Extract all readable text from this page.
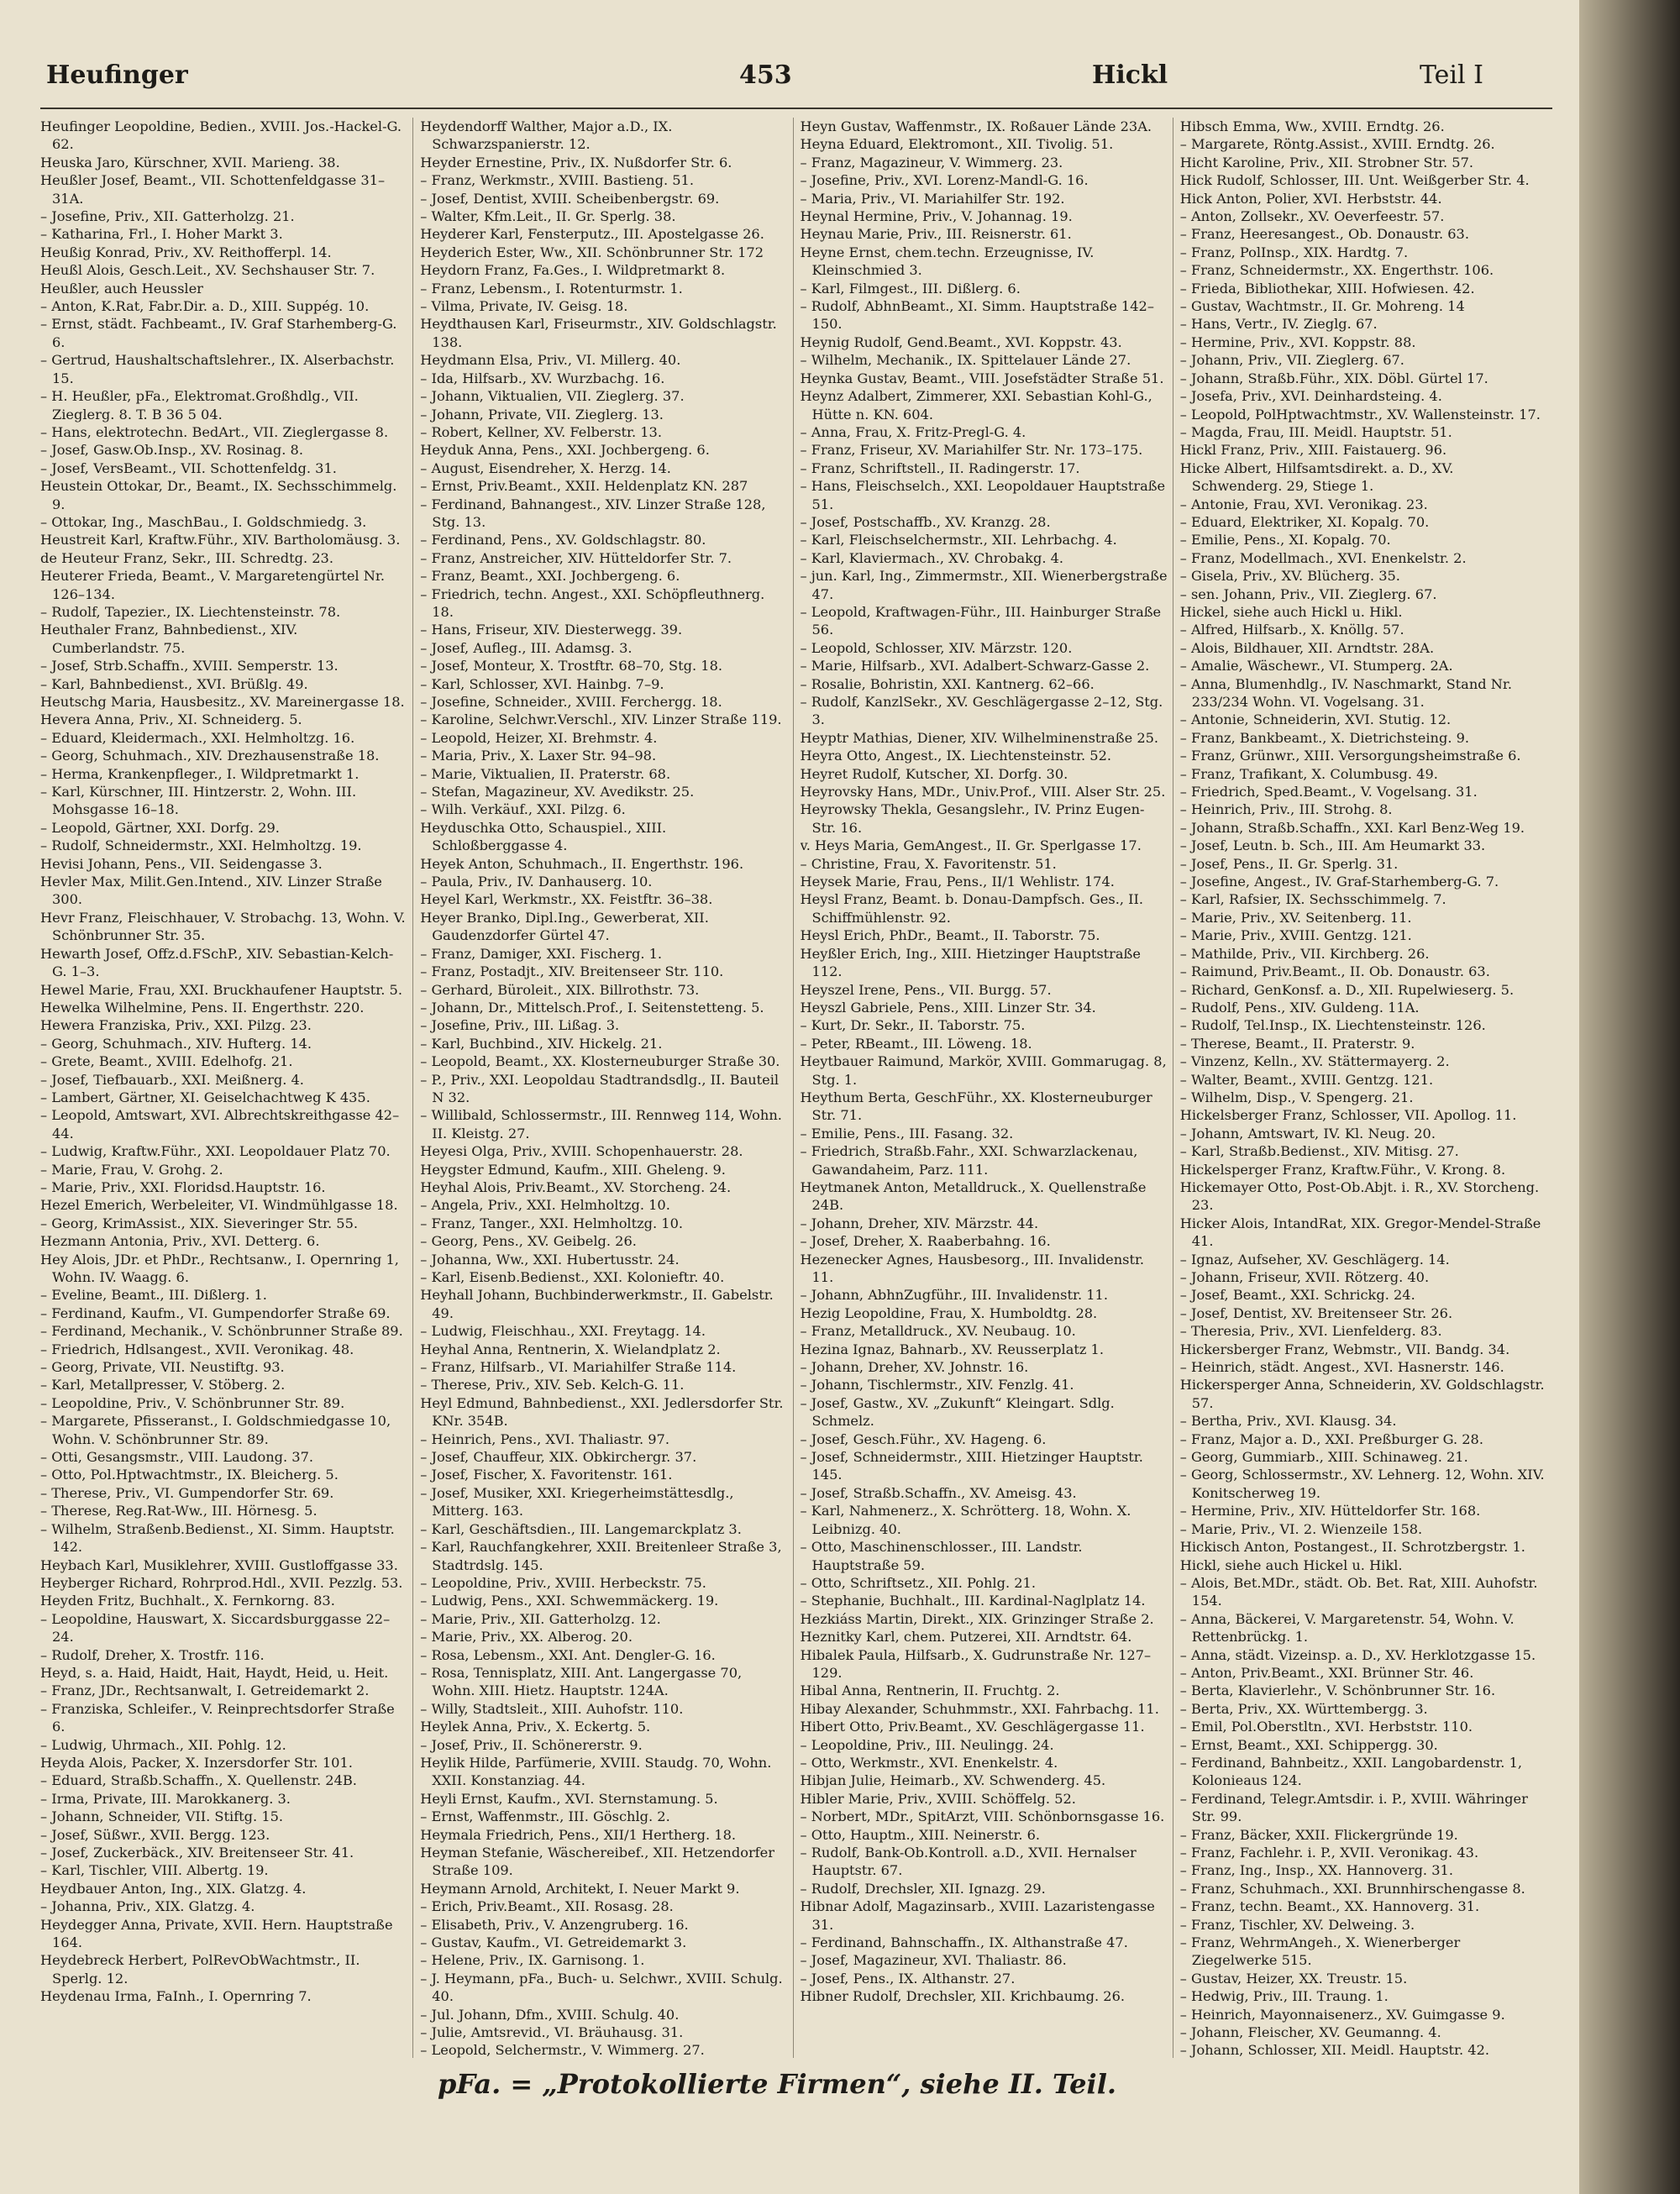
Heufinger	453	Hickl	Teil I

Heufinger Leopoldine, Bedien., XVIII. Jos.-Hackel-G. 62.

Heuska Jaro, Kürschner, XVII. Marieng. 38.

Heußler Josef, Beamt., VII. Schottenfeldgasse 31–31A.

– Josefine, Priv., XII. Gatterholzg. 21.

– Katharina, Frl., I. Hoher Markt 3.

Heußig Konrad, Priv., XV. Reithofferpl. 14.

Heußl Alois, Gesch.Leit., XV. Sechshauser Str. 7.

Heußler, auch Heussler

– Anton, K.Rat, Fabr.Dir. a. D., XIII. Suppég. 10.

– Ernst, städt. Fachbeamt., IV. Graf Starhemberg-G. 6.

– Gertrud, Haushaltschaftslehrer., IX. Alserbachstr. 15.

– H. Heußler, pFa., Elektromat.Großhdlg., VII. Zieglerg. 8. T. B 36 5 04.

– Hans, elektrotechn. BedArt., VII. Zieglergasse 8.

– Josef, Gasw.Ob.Insp., XV. Rosinag. 8.

– Josef, VersBeamt., VII. Schottenfeldg. 31.

Heustein Ottokar, Dr., Beamt., IX. Sechsschimmelg. 9.

– Ottokar, Ing., MaschBau., I. Goldschmiedg. 3.

Heustreit Karl, Kraftw.Führ., XIV. Bartholomäusg. 3.

de Heuteur Franz, Sekr., III. Schredtg. 23.

Heuterer Frieda, Beamt., V. Margaretengürtel Nr. 126–134.

– Rudolf, Tapezier., IX. Liechtensteinstr. 78.

Heuthaler Franz, Bahnbedienst., XIV. Cumberlandstr. 75.

– Josef, Strb.Schaffn., XVIII. Semperstr. 13.

– Karl, Bahnbedienst., XVI. Brüßlg. 49.

Heutschg Maria, Hausbesitz., XV. Mareinergasse 18.

Hevera Anna, Priv., XI. Schneiderg. 5.

– Eduard, Kleidermach., XXI. Helmholtzg. 16.

– Georg, Schuhmach., XIV. Drezhausenstraße 18.

– Herma, Krankenpfleger., I. Wildpretmarkt 1.

– Karl, Kürschner, III. Hintzerstr. 2, Wohn. III. Mohsgasse 16–18.

– Leopold, Gärtner, XXI. Dorfg. 29.

– Rudolf, Schneidermstr., XXI. Helmholtzg. 19.

Hevisi Johann, Pens., VII. Seidengasse 3.

Hevler Max, Milit.Gen.Intend., XIV. Linzer Straße 300.

Hevr Franz, Fleischhauer, V. Strobachg. 13, Wohn. V. Schönbrunner Str. 35.

Hewarth Josef, Offz.d.FSchP., XIV. Sebastian-Kelch-G. 1–3.

Hewel Marie, Frau, XXI. Bruckhaufener Hauptstr. 5.

Hewelka Wilhelmine, Pens. II. Engerthstr. 220.

Hewera Franziska, Priv., XXI. Pilzg. 23.

– Georg, Schuhmach., XIV. Hufterg. 14.

– Grete, Beamt., XVIII. Edelhofg. 21.

– Josef, Tiefbauarb., XXI. Meißnerg. 4.

– Lambert, Gärtner, XI. Geiselchachtweg K 435.

– Leopold, Amtswart, XVI. Albrechtskreithgasse 42–44.

– Ludwig, Kraftw.Führ., XXI. Leopoldauer Platz 70.

– Marie, Frau, V. Grohg. 2.

– Marie, Priv., XXI. Floridsd.Hauptstr. 16.

Hezel Emerich, Werbeleiter, VI. Windmühlgasse 18.

– Georg, KrimAssist., XIX. Sieveringer Str. 55.

Hezmann Antonia, Priv., XVI. Detterg. 6.

Hey Alois, JDr. et PhDr., Rechtsanw., I. Opernring 1, Wohn. IV. Waagg. 6.

– Eveline, Beamt., III. Dißlerg. 1.

– Ferdinand, Kaufm., VI. Gumpendorfer Straße 69.

– Ferdinand, Mechanik., V. Schönbrunner Straße 89.

– Friedrich, Hdlsangest., XVII. Veronikag. 48.

– Georg, Private, VII. Neustiftg. 93.

– Karl, Metallpresser, V. Stöberg. 2.

– Leopoldine, Priv., V. Schönbrunner Str. 89.

– Margarete, Pfisseranst., I. Goldschmiedgasse 10, Wohn. V. Schönbrunner Str. 89.

– Otti, Gesangsmstr., VIII. Laudong. 37.

– Otto, Pol.Hptwachtmstr., IX. Bleicherg. 5.

– Therese, Priv., VI. Gumpendorfer Str. 69.

– Therese, Reg.Rat-Ww., III. Hörnesg. 5.

– Wilhelm, Straßenb.Bedienst., XI. Simm. Hauptstr. 142.

Heybach Karl, Musiklehrer, XVIII. Gustloffgasse 33.

Heyberger Richard, Rohrprod.Hdl., XVII. Pezzlg. 53.

Heyden Fritz, Buchhalt., X. Fernkorng. 83.

– Leopoldine, Hauswart, X. Siccardsburggasse 22–24.

– Rudolf, Dreher, X. Trostfr. 116.

Heyd, s. a. Haid, Haidt, Hait, Haydt, Heid, u. Heit.

– Franz, JDr., Rechtsanwalt, I. Getreidemarkt 2.

– Franziska, Schleifer., V. Reinprechtsdorfer Straße 6.

– Ludwig, Uhrmach., XII. Pohlg. 12.

Heyda Alois, Packer, X. Inzersdorfer Str. 101.

– Eduard, Straßb.Schaffn., X. Quellenstr. 24B.

– Irma, Private, III. Marokkanerg. 3.

– Johann, Schneider, VII. Stiftg. 15.

– Josef, Süßwr., XVII. Bergg. 123.

– Josef, Zuckerbäck., XIV. Breitenseer Str. 41.

– Karl, Tischler, VIII. Albertg. 19.

Heydbauer Anton, Ing., XIX. Glatzg. 4.

– Johanna, Priv., XIX. Glatzg. 4.

Heydegger Anna, Private, XVII. Hern. Hauptstraße 164.

Heydebreck Herbert, PolRevObWachtmstr., II. Sperlg. 12.

Heydenau Irma, FaInh., I. Opernring 7.

Heydendorff Walther, Major a.D., IX. Schwarzspanierstr. 12.

Heyder Ernestine, Priv., IX. Nußdorfer Str. 6.

– Franz, Werkmstr., XVIII. Bastieng. 51.

– Josef, Dentist, XVIII. Scheibenbergstr. 69.

– Walter, Kfm.Leit., II. Gr. Sperlg. 38.

Heyderer Karl, Fensterputz., III. Apostelgasse 26.

Heyderich Ester, Ww., XII. Schönbrunner Str. 172

Heydorn Franz, Fa.Ges., I. Wildpretmarkt 8.

– Franz, Lebensm., I. Rotenturmstr. 1.

– Vilma, Private, IV. Geisg. 18.

Heydthausen Karl, Friseurmstr., XIV. Goldschlagstr. 138.

Heydmann Elsa, Priv., VI. Millerg. 40.

– Ida, Hilfsarb., XV. Wurzbachg. 16.

– Johann, Viktualien, VII. Zieglerg. 37.

– Johann, Private, VII. Zieglerg. 13.

– Robert, Kellner, XV. Felberstr. 13.

Heyduk Anna, Pens., XXI. Jochbergeng. 6.

– August, Eisendreher, X. Herzg. 14.

– Ernst, Priv.Beamt., XXII. Heldenplatz KN. 287

– Ferdinand, Bahnangest., XIV. Linzer Straße 128, Stg. 13.

– Ferdinand, Pens., XV. Goldschlagstr. 80.

– Franz, Anstreicher, XIV. Hütteldorfer Str. 7.

– Franz, Beamt., XXI. Jochbergeng. 6.

– Friedrich, techn. Angest., XXI. Schöpfleuthnerg. 18.

– Hans, Friseur, XIV. Diesterwegg. 39.

– Josef, Aufleg., III. Adamsg. 3.

– Josef, Monteur, X. Trostftr. 68–70, Stg. 18.

– Karl, Schlosser, XVI. Hainbg. 7–9.

– Josefine, Schneider., XVIII. Ferchergg. 18.

– Karoline, Selchwr.Verschl., XIV. Linzer Straße 119.

– Leopold, Heizer, XI. Brehmstr. 4.

– Maria, Priv., X. Laxer Str. 94–98.

– Marie, Viktualien, II. Praterstr. 68.

– Stefan, Magazineur, XV. Avedikstr. 25.

– Wilh. Verkäuf., XXI. Pilzg. 6.

Heyduschka Otto, Schauspiel., XIII. Schloßberggasse 4.

Heyek Anton, Schuhmach., II. Engerthstr. 196.

– Paula, Priv., IV. Danhauserg. 10.

Heyel Karl, Werkmstr., XX. Feistftr. 36–38.

Heyer Branko, Dipl.Ing., Gewerberat, XII. Gaudenzdorfer Gürtel 47.

– Franz, Damiger, XXI. Fischerg. 1.

– Franz, Postadjt., XIV. Breitenseer Str. 110.

– Gerhard, Büroleit., XIX. Billrothstr. 73.

– Johann, Dr., Mittelsch.Prof., I. Seitenstetteng. 5.

– Josefine, Priv., III. Lißag. 3.

– Karl, Buchbind., XIV. Hickelg. 21.

– Leopold, Beamt., XX. Klosterneuburger Straße 30.

– P., Priv., XXI. Leopoldau Stadtrandsdlg., II. Bauteil N 32.

– Willibald, Schlossermstr., III. Rennweg 114, Wohn. II. Kleistg. 27.

Heyesi Olga, Priv., XVIII. Schopenhauerstr. 28.

Heygster Edmund, Kaufm., XIII. Gheleng. 9.

Heyhal Alois, Priv.Beamt., XV. Storcheng. 24.

– Angela, Priv., XXI. Helmholtzg. 10.

– Franz, Tanger., XXI. Helmholtzg. 10.

– Georg, Pens., XV. Geibelg. 26.

– Johanna, Ww., XXI. Hubertusstr. 24.

– Karl, Eisenb.Bedienst., XXI. Kolonieftr. 40.

Heyhall Johann, Buchbinderwerkmstr., II. Gabelstr. 49.

– Ludwig, Fleischhau., XXI. Freytagg. 14.

Heyhal Anna, Rentnerin, X. Wielandplatz 2.

– Franz, Hilfsarb., VI. Mariahilfer Straße 114.

– Therese, Priv., XIV. Seb. Kelch-G. 11.

Heyl Edmund, Bahnbedienst., XXI. Jedlersdorfer Str. KNr. 354B.

– Heinrich, Pens., XVI. Thaliastr. 97.

– Josef, Chauffeur, XIX. Obkirchergr. 37.

– Josef, Fischer, X. Favoritenstr. 161.

– Josef, Musiker, XXI. Kriegerheimstättesdlg., Mitterg. 163.

– Karl, Geschäftsdien., III. Langemarckplatz 3.

– Karl, Rauchfangkehrer, XXII. Breitenleer Straße 3, Stadtrdslg. 145.

– Leopoldine, Priv., XVIII. Herbeckstr. 75.

– Ludwig, Pens., XXI. Schwemmäckerg. 19.

– Marie, Priv., XII. Gatterholzg. 12.

– Marie, Priv., XX. Alberog. 20.

– Rosa, Lebensm., XXI. Ant. Dengler-G. 16.

– Rosa, Tennisplatz, XIII. Ant. Langergasse 70, Wohn. XIII. Hietz. Hauptstr. 124A.

– Willy, Stadtsleit., XIII. Auhofstr. 110.

Heylek Anna, Priv., X. Eckertg. 5.

– Josef, Priv., II. Schönererstr. 9.

Heylik Hilde, Parfümerie, XVIII. Staudg. 70, Wohn. XXII. Konstanziag. 44.

Heyli Ernst, Kaufm., XVI. Sternstamung. 5.

– Ernst, Waffenmstr., III. Göschlg. 2.

Heymala Friedrich, Pens., XII/1 Hertherg. 18.

Heyman Stefanie, Wäschereibef., XII. Hetzendorfer Straße 109.

Heymann Arnold, Architekt, I. Neuer Markt 9.

– Erich, Priv.Beamt., XII. Rosasg. 28.

– Elisabeth, Priv., V. Anzengruberg. 16.

– Gustav, Kaufm., VI. Getreidemarkt 3.

– Helene, Priv., IX. Garnisong. 1.

– J. Heymann, pFa., Buch- u. Selchwr., XVIII. Schulg. 40.

– Jul. Johann, Dfm., XVIII. Schulg. 40.

– Julie, Amtsrevid., VI. Bräuhausg. 31.

– Leopold, Selchermstr., V. Wimmerg. 27.

Heyn Gustav, Waffenmstr., IX. Roßauer Lände 23A.

Heyna Eduard, Elektromont., XII. Tivolig. 51.

– Franz, Magazineur, V. Wimmerg. 23.

– Josefine, Priv., XVI. Lorenz-Mandl-G. 16.

– Maria, Priv., VI. Mariahilfer Str. 192.

Heynal Hermine, Priv., V. Johannag. 19.

Heynau Marie, Priv., III. Reisnerstr. 61.

Heyne Ernst, chem.techn. Erzeugnisse, IV. Kleinschmied 3.

– Karl, Filmgest., III. Dißlerg. 6.

– Rudolf, AbhnBeamt., XI. Simm. Hauptstraße 142–150.

Heynig Rudolf, Gend.Beamt., XVI. Koppstr. 43.

– Wilhelm, Mechanik., IX. Spittelauer Lände 27.

Heynka Gustav, Beamt., VIII. Josefstädter Straße 51.

Heynz Adalbert, Zimmerer, XXI. Sebastian Kohl-G., Hütte n. KN. 604.

– Anna, Frau, X. Fritz-Pregl-G. 4.

– Franz, Friseur, XV. Mariahilfer Str. Nr. 173–175.

– Franz, Schriftstell., II. Radingerstr. 17.

– Hans, Fleischselch., XXI. Leopoldauer Hauptstraße 51.

– Josef, Postschaffb., XV. Kranzg. 28.

– Karl, Fleischselchermstr., XII. Lehrbachg. 4.

– Karl, Klaviermach., XV. Chrobakg. 4.

– jun. Karl, Ing., Zimmermstr., XII. Wienerbergstraße 47.

– Leopold, Kraftwagen-Führ., III. Hainburger Straße 56.

– Leopold, Schlosser, XIV. Märzstr. 120.

– Marie, Hilfsarb., XVI. Adalbert-Schwarz-Gasse 2.

– Rosalie, Bohristin, XXI. Kantnerg. 62–66.

– Rudolf, KanzlSekr., XV. Geschlägergasse 2–12, Stg. 3.

Heyptr Mathias, Diener, XIV. Wilhelminenstraße 25.

Heyra Otto, Angest., IX. Liechtensteinstr. 52.

Heyret Rudolf, Kutscher, XI. Dorfg. 30.

Heyrovsky Hans, MDr., Univ.Prof., VIII. Alser Str. 25.

Heyrowsky Thekla, Gesangslehr., IV. Prinz Eugen-Str. 16.

v. Heys Maria, GemAngest., II. Gr. Sperlgasse 17.

– Christine, Frau, X. Favoritenstr. 51.

Heysek Marie, Frau, Pens., II/1 Wehlistr. 174.

Heysl Franz, Beamt. b. Donau-Dampfsch. Ges., II. Schiffmühlenstr. 92.

Heysl Erich, PhDr., Beamt., II. Taborstr. 75.

Heyßler Erich, Ing., XIII. Hietzinger Hauptstraße 112.

Heyszel Irene, Pens., VII. Burgg. 57.

Heyszl Gabriele, Pens., XIII. Linzer Str. 34.

– Kurt, Dr. Sekr., II. Taborstr. 75.

– Peter, RBeamt., III. Löweng. 18.

Heytbauer Raimund, Markör, XVIII. Gommarugag. 8, Stg. 1.

Heythum Berta, GeschFühr., XX. Klosterneuburger Str. 71.

– Emilie, Pens., III. Fasang. 32.

– Friedrich, Straßb.Fahr., XXI. Schwarzlackenau, Gawandaheim, Parz. 111.

Heytmanek Anton, Metalldruck., X. Quellenstraße 24B.

– Johann, Dreher, XIV. Märzstr. 44.

– Josef, Dreher, X. Raaberbahng. 16.

Hezenecker Agnes, Hausbesorg., III. Invalidenstr. 11.

– Johann, AbhnZugführ., III. Invalidenstr. 11.

Hezig Leopoldine, Frau, X. Humboldtg. 28.

– Franz, Metalldruck., XV. Neubaug. 10.

Hezina Ignaz, Bahnarb., XV. Reusserplatz 1.

– Johann, Dreher, XV. Johnstr. 16.

– Johann, Tischlermstr., XIV. Fenzlg. 41.

– Josef, Gastw., XV. „Zukunft“ Kleingart. Sdlg. Schmelz.

– Josef, Gesch.Führ., XV. Hageng. 6.

– Josef, Schneidermstr., XIII. Hietzinger Hauptstr. 145.

– Josef, Straßb.Schaffn., XV. Ameisg. 43.

– Karl, Nahmenerz., X. Schrötterg. 18, Wohn. X. Leibnizg. 40.

– Otto, Maschinenschlosser., III. Landstr. Hauptstraße 59.

– Otto, Schriftsetz., XII. Pohlg. 21.

– Stephanie, Buchhalt., III. Kardinal-Naglplatz 14.

Hezkiáss Martin, Direkt., XIX. Grinzinger Straße 2.

Heznitky Karl, chem. Putzerei, XII. Arndtstr. 64.

Hibalek Paula, Hilfsarb., X. Gudrunstraße Nr. 127–129.

Hibal Anna, Rentnerin, II. Fruchtg. 2.

Hibay Alexander, Schuhmmstr., XXI. Fahrbachg. 11.

Hibert Otto, Priv.Beamt., XV. Geschlägergasse 11.

– Leopoldine, Priv., III. Neulingg. 24.

– Otto, Werkmstr., XVI. Enenkelstr. 4.

Hibjan Julie, Heimarb., XV. Schwenderg. 45.

Hibler Marie, Priv., XVIII. Schöffelg. 52.

– Norbert, MDr., SpitArzt, VIII. Schönbornsgasse 16.

– Otto, Hauptm., XIII. Neinerstr. 6.

– Rudolf, Bank-Ob.Kontroll. a.D., XVII. Hernalser Hauptstr. 67.

– Rudolf, Drechsler, XII. Ignazg. 29.

Hibnar Adolf, Magazinsarb., XVIII. Lazaristengasse 31.

– Ferdinand, Bahnschaffn., IX. Althanstraße 47.

– Josef, Magazineur, XVI. Thaliastr. 86.

– Josef, Pens., IX. Althanstr. 27.

Hibner Rudolf, Drechsler, XII. Krichbaumg. 26.

Hibsch Emma, Ww., XVIII. Erndtg. 26.

– Margarete, Röntg.Assist., XVIII. Erndtg. 26.

Hicht Karoline, Priv., XII. Strobner Str. 57.

Hick Rudolf, Schlosser, III. Unt. Weißgerber Str. 4.

Hick Anton, Polier, XVI. Herbststr. 44.

– Anton, Zollsekr., XV. Oeverfeestr. 57.

– Franz, Heeresangest., Ob. Donaustr. 63.

– Franz, PolInsp., XIX. Hardtg. 7.

– Franz, Schneidermstr., XX. Engerthstr. 106.

– Frieda, Bibliothekar, XIII. Hofwiesen. 42.

– Gustav, Wachtmstr., II. Gr. Mohreng. 14

– Hans, Vertr., IV. Zieglg. 67.

– Hermine, Priv., XVI. Koppstr. 88.

– Johann, Priv., VII. Zieglerg. 67.

– Johann, Straßb.Führ., XIX. Döbl. Gürtel 17.

– Josefa, Priv., XVI. Deinhardsteing. 4.

– Leopold, PolHptwachtmstr., XV. Wallensteinstr. 17.

– Magda, Frau, III. Meidl. Hauptstr. 51.

Hickl Franz, Priv., XIII. Faistauerg. 96.

Hicke Albert, Hilfsamtsdirekt. a. D., XV. Schwenderg. 29, Stiege 1.

– Antonie, Frau, XVI. Veronikag. 23.

– Eduard, Elektriker, XI. Kopalg. 70.

– Emilie, Pens., XI. Kopalg. 70.

– Franz, Modellmach., XVI. Enenkelstr. 2.

– Gisela, Priv., XV. Blücherg. 35.

– sen. Johann, Priv., VII. Zieglerg. 67.

Hickel, siehe auch Hickl u. Hikl.

– Alfred, Hilfsarb., X. Knöllg. 57.

– Alois, Bildhauer, XII. Arndtstr. 28A.

– Amalie, Wäschewr., VI. Stumperg. 2A.

– Anna, Blumenhdlg., IV. Naschmarkt, Stand Nr. 233/234 Wohn. VI. Vogelsang. 31.

– Antonie, Schneiderin, XVI. Stutig. 12.

– Franz, Bankbeamt., X. Dietrichsteing. 9.

– Franz, Grünwr., XIII. Versorgungsheimstraße 6.

– Franz, Trafikant, X. Columbusg. 49.

– Friedrich, Sped.Beamt., V. Vogelsang. 31.

– Heinrich, Priv., III. Strohg. 8.

– Johann, Straßb.Schaffn., XXI. Karl Benz-Weg 19.

– Josef, Leutn. b. Sch., III. Am Heumarkt 33.

– Josef, Pens., II. Gr. Sperlg. 31.

– Josefine, Angest., IV. Graf-Starhemberg-G. 7.

– Karl, Rafsier, IX. Sechsschimmelg. 7.

– Marie, Priv., XV. Seitenberg. 11.

– Marie, Priv., XVIII. Gentzg. 121.

– Mathilde, Priv., VII. Kirchberg. 26.

– Raimund, Priv.Beamt., II. Ob. Donaustr. 63.

– Richard, GenKonsf. a. D., XII. Rupelwieserg. 5.

– Rudolf, Pens., XIV. Guldeng. 11A.

– Rudolf, Tel.Insp., IX. Liechtensteinstr. 126.

– Therese, Beamt., II. Praterstr. 9.

– Vinzenz, Kelln., XV. Stättermayerg. 2.

– Walter, Beamt., XVIII. Gentzg. 121.

– Wilhelm, Disp., V. Spengerg. 21.

Hickelsberger Franz, Schlosser, VII. Apollog. 11.

– Johann, Amtswart, IV. Kl. Neug. 20.

– Karl, Straßb.Bedienst., XIV. Mitisg. 27.

Hickelsperger Franz, Kraftw.Führ., V. Krong. 8.

Hickemayer Otto, Post-Ob.Abjt. i. R., XV. Storcheng. 23.

Hicker Alois, IntandRat, XIX. Gregor-Mendel-Straße 41.

– Ignaz, Aufseher, XV. Geschlägerg. 14.

– Johann, Friseur, XVII. Rötzerg. 40.

– Josef, Beamt., XXI. Schrickg. 24.

– Josef, Dentist, XV. Breitenseer Str. 26.

– Theresia, Priv., XVI. Lienfelderg. 83.

Hickersberger Franz, Webmstr., VII. Bandg. 34.

– Heinrich, städt. Angest., XVI. Hasnerstr. 146.

Hickersperger Anna, Schneiderin, XV. Goldschlagstr. 57.

– Bertha, Priv., XVI. Klausg. 34.

– Franz, Major a. D., XXI. Preßburger G. 28.

– Georg, Gummiarb., XIII. Schinaweg. 21.

– Georg, Schlossermstr., XV. Lehnerg. 12, Wohn. XIV. Konitscherweg 19.

– Hermine, Priv., XIV. Hütteldorfer Str. 168.

– Marie, Priv., VI. 2. Wienzeile 158.

Hickisch Anton, Postangest., II. Schrotzbergstr. 1.

Hickl, siehe auch Hickel u. Hikl.

– Alois, Bet.MDr., städt. Ob. Bet. Rat, XIII. Auhofstr. 154.

– Anna, Bäckerei, V. Margaretenstr. 54, Wohn. V. Rettenbrückg. 1.

– Anna, städt. Vizeinsp. a. D., XV. Herklotzgasse 15.

– Anton, Priv.Beamt., XXI. Brünner Str. 46.

– Berta, Klavierlehr., V. Schönbrunner Str. 16.

– Berta, Priv., XX. Württembergg. 3.

– Emil, Pol.Oberstltn., XVI. Herbststr. 110.

– Ernst, Beamt., XXI. Schippergg. 30.

– Ferdinand, Bahnbeitz., XXII. Langobardenstr. 1, Kolonieaus 124.

– Ferdinand, Telegr.Amtsdir. i. P., XVIII. Währinger Str. 99.

– Franz, Bäcker, XXII. Flickergründe 19.

– Franz, Fachlehr. i. P., XVII. Veronikag. 43.

– Franz, Ing., Insp., XX. Hannoverg. 31.

– Franz, Schuhmach., XXI. Brunnhirschengasse 8.

– Franz, techn. Beamt., XX. Hannoverg. 31.

– Franz, Tischler, XV. Delweing. 3.

– Franz, WehrmAngeh., X. Wienerberger Ziegelwerke 515.

– Gustav, Heizer, XX. Treustr. 15.

– Hedwig, Priv., III. Traung. 1.

– Heinrich, Mayonnaisenerz., XV. Guimgasse 9.

– Johann, Fleischer, XV. Geumanng. 4.

– Johann, Schlosser, XII. Meidl. Hauptstr. 42.

pFa. = „Protokollierte Firmen“, siehe II. Teil.
